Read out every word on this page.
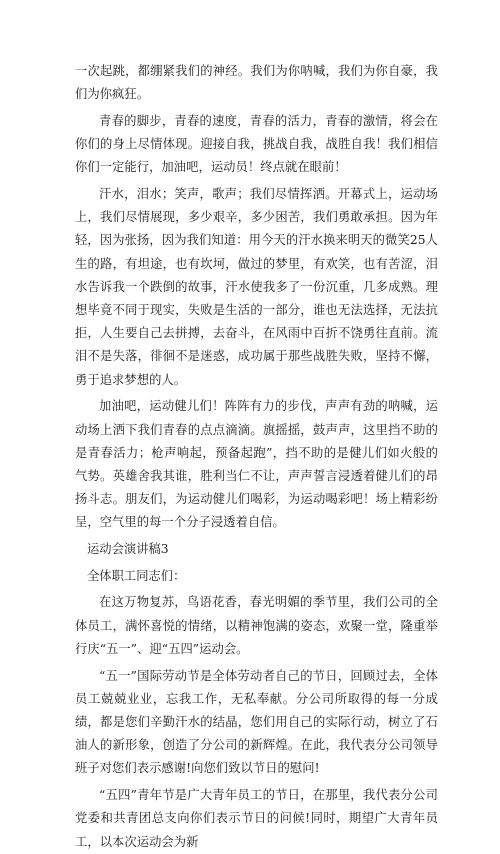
一次起跳，都绷紧我们的神经。我们为你呐喊，我们为你自豪，我们为你疯狂。

青春的脚步，青春的速度，青春的活力，青春的激情，将会在你们的身上尽情体现。迎接自我，挑战自我，战胜自我！我们相信你们一定能行，加油吧，运动员！终点就在眼前！

汗水，泪水；笑声，歌声；我们尽情挥洒。开幕式上，运动场上，我们尽情展现，多少艰辛，多少困苦，我们勇敢承担。因为年轻，因为张扬，因为我们知道：用今天的汗水换来明天的微笑25人生的路，有坦途，也有坎坷，做过的梦里，有欢笑，也有苦涩，泪水告诉我一个跌倒的故事，汗水使我多了一份沉重，几多成熟。理想毕竟不同于现实，失败是生活的一部分，谁也无法选择，无法抗拒，人生要自己去拼搏，去奋斗，在风雨中百折不饶勇往直前。流泪不是失落，徘徊不是迷惑，成功属于那些战胜失败，坚持不懈，勇于追求梦想的人。

加油吧，运动健儿们！阵阵有力的步伐，声声有劲的呐喊，运动场上洒下我们青春的点点滴滴。旗摇摇，鼓声声，这里挡不助的是青春活力；枪声响起，预备起跑”，挡不助的是健儿们如火般的气势。英雄舍我其谁，胜利当仁不让，声声誓言浸透着健儿们的昂扬斗志。朋友们，为运动健儿们喝彩，为运动喝彩吧！场上精彩纷呈，空气里的每一个分子浸透着自信。

运动会演讲稿3

全体职工同志们：

在这万物复苏，鸟语花香，春光明媚的季节里，我们公司的全体员工，满怀喜悦的情绪，以精神饱满的姿态，欢聚一堂，隆重举行庆“五一”、迎“五四”运动会。

“五一”国际劳动节是全体劳动者自己的节日，回顾过去，全体员工兢兢业业，忘我工作，无私奉献。分公司所取得的每一分成绩，都是您们辛勤汗水的结晶，您们用自己的实际行动，树立了石油人的新形象，创造了分公司的新辉煌。在此，我代表分公司领导班子对您们表示感谢!向您们致以节日的慰问!

“五四”青年节是广大青年员工的节日，在那里，我代表分公司党委和共青团总支向你们表示节日的问候!同时，期望广大青年员工，以本次运动会为新
